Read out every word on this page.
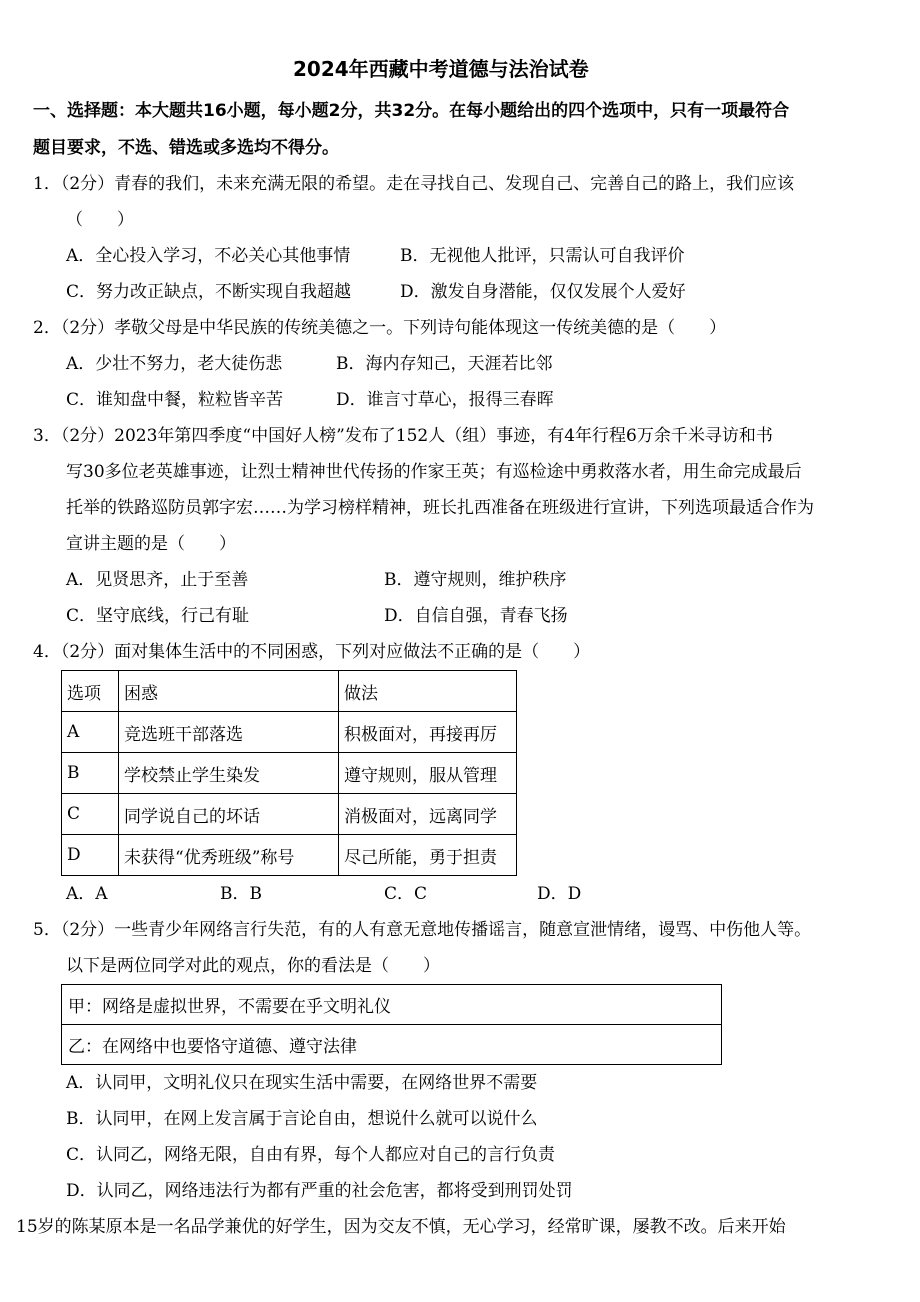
2024年西藏中考道德与法治试卷
一、选择题：本大题共16小题，每小题2分，共32分。在每小题给出的四个选项中，只有一项最符合
题目要求，不选、错选或多选均不得分。
1．（2分）青春的我们，未来充满无限的希望。走在寻找自己、发现自己、完善自己的路上，我们应该
（　　）
A．全心投入学习，不必关心其他事情	B．无视他人批评，只需认可自我评价
C．努力改正缺点，不断实现自我超越	D．激发自身潜能，仅仅发展个人爱好
2．（2分）孝敬父母是中华民族的传统美德之一。下列诗句能体现这一传统美德的是（　　）
A．少壮不努力，老大徒伤悲	B．海内存知己，天涯若比邻
C．谁知盘中餐，粒粒皆辛苦	D．谁言寸草心，报得三春晖
3．（2分）2023年第四季度“中国好人榜”发布了152人（组）事迹，有4年行程6万余千米寻访和书
写30多位老英雄事迹，让烈士精神世代传扬的作家王英；有巡检途中勇救落水者，用生命完成最后
托举的铁路巡防员郭字宏……为学习榜样精神，班长扎西准备在班级进行宣讲，下列选项最适合作为
宣讲主题的是（　　）
A．见贤思齐，止于至善	B．遵守规则，维护秩序
C．坚守底线，行己有耻	D．自信自强，青春飞扬
4．（2分）面对集体生活中的不同困惑，下列对应做法不正确的是（　　）
选项	困惑	做法
A	竞选班干部落选	积极面对，再接再厉
B	学校禁止学生染发	遵守规则，服从管理
C	同学说自己的坏话	消极面对，远离同学
D	未获得“优秀班级”称号	尽己所能，勇于担责
A．A	B．B	C．C	D．D
5．（2分）一些青少年网络言行失范，有的人有意无意地传播谣言，随意宣泄情绪，谩骂、中伤他人等。
以下是两位同学对此的观点，你的看法是（　　）
甲：网络是虚拟世界，不需要在乎文明礼仪
乙：在网络中也要恪守道德、遵守法律
A．认同甲，文明礼仪只在现实生活中需要，在网络世界不需要
B．认同甲，在网上发言属于言论自由，想说什么就可以说什么
C．认同乙，网络无限，自由有界，每个人都应对自己的言行负责
D．认同乙，网络违法行为都有严重的社会危害，都将受到刑罚处罚
15岁的陈某原本是一名品学兼优的好学生，因为交友不慎，无心学习，经常旷课，屡教不改。后来开始
